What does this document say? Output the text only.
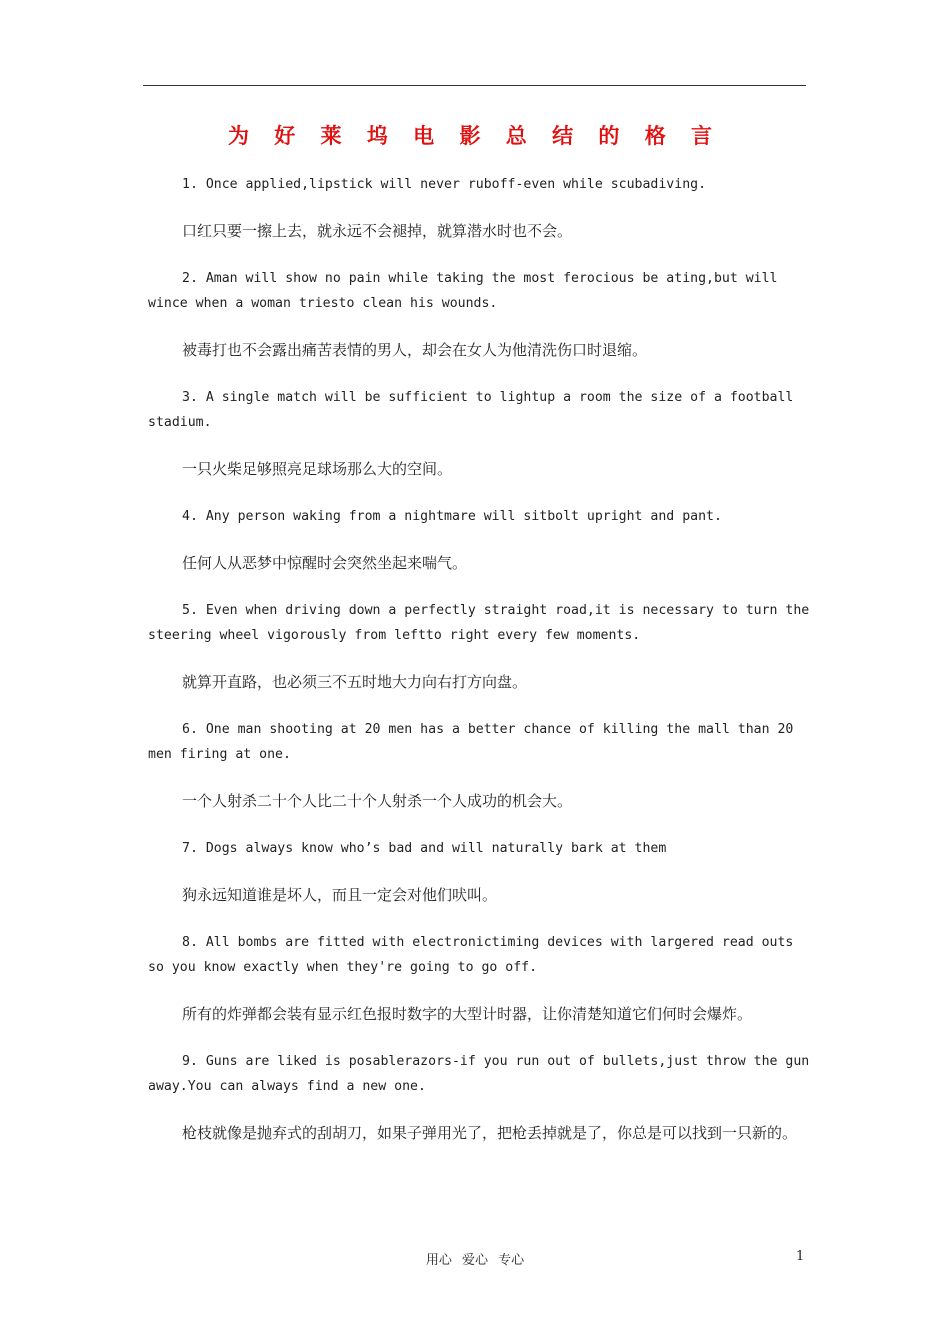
为 好 莱 坞 电 影 总 结 的 格 言

1. Once applied,lipstick will never ruboff-even while scubadiving.

口红只要一擦上去，就永远不会褪掉，就算潜水时也不会。

2. Aman will show no pain while taking the most ferocious be ating,but will wince when a woman triesto clean his wounds.

被毒打也不会露出痛苦表情的男人，却会在女人为他清洗伤口时退缩。

3. A single match will be sufficient to lightup a room the size of a football stadium.

一只火柴足够照亮足球场那么大的空间。

4. Any person waking from a nightmare will sitbolt upright and pant.

任何人从恶梦中惊醒时会突然坐起来喘气。

5. Even when driving down a perfectly straight road,it is necessary to turn the steering wheel vigorously from leftto right every few moments.

就算开直路，也必须三不五时地大力向右打方向盘。

6. One man shooting at 20 men has a better chance of killing the mall than 20 men firing at one.

一个人射杀二十个人比二十个人射杀一个人成功的机会大。

7. Dogs always know who’s bad and will naturally bark at them

狗永远知道谁是坏人，而且一定会对他们吠叫。

8. All bombs are fitted with electronictiming devices with largered read outs so you know exactly when they're going to go off.

所有的炸弹都会装有显示红色报时数字的大型计时器，让你清楚知道它们何时会爆炸。

9. Guns are liked is posablerazors-if you run out of bullets,just throw the gun away.You can always find a new one.

枪枝就像是抛弃式的刮胡刀，如果子弹用光了，把枪丢掉就是了，你总是可以找到一只新的。

用心 爱心 专心	1
